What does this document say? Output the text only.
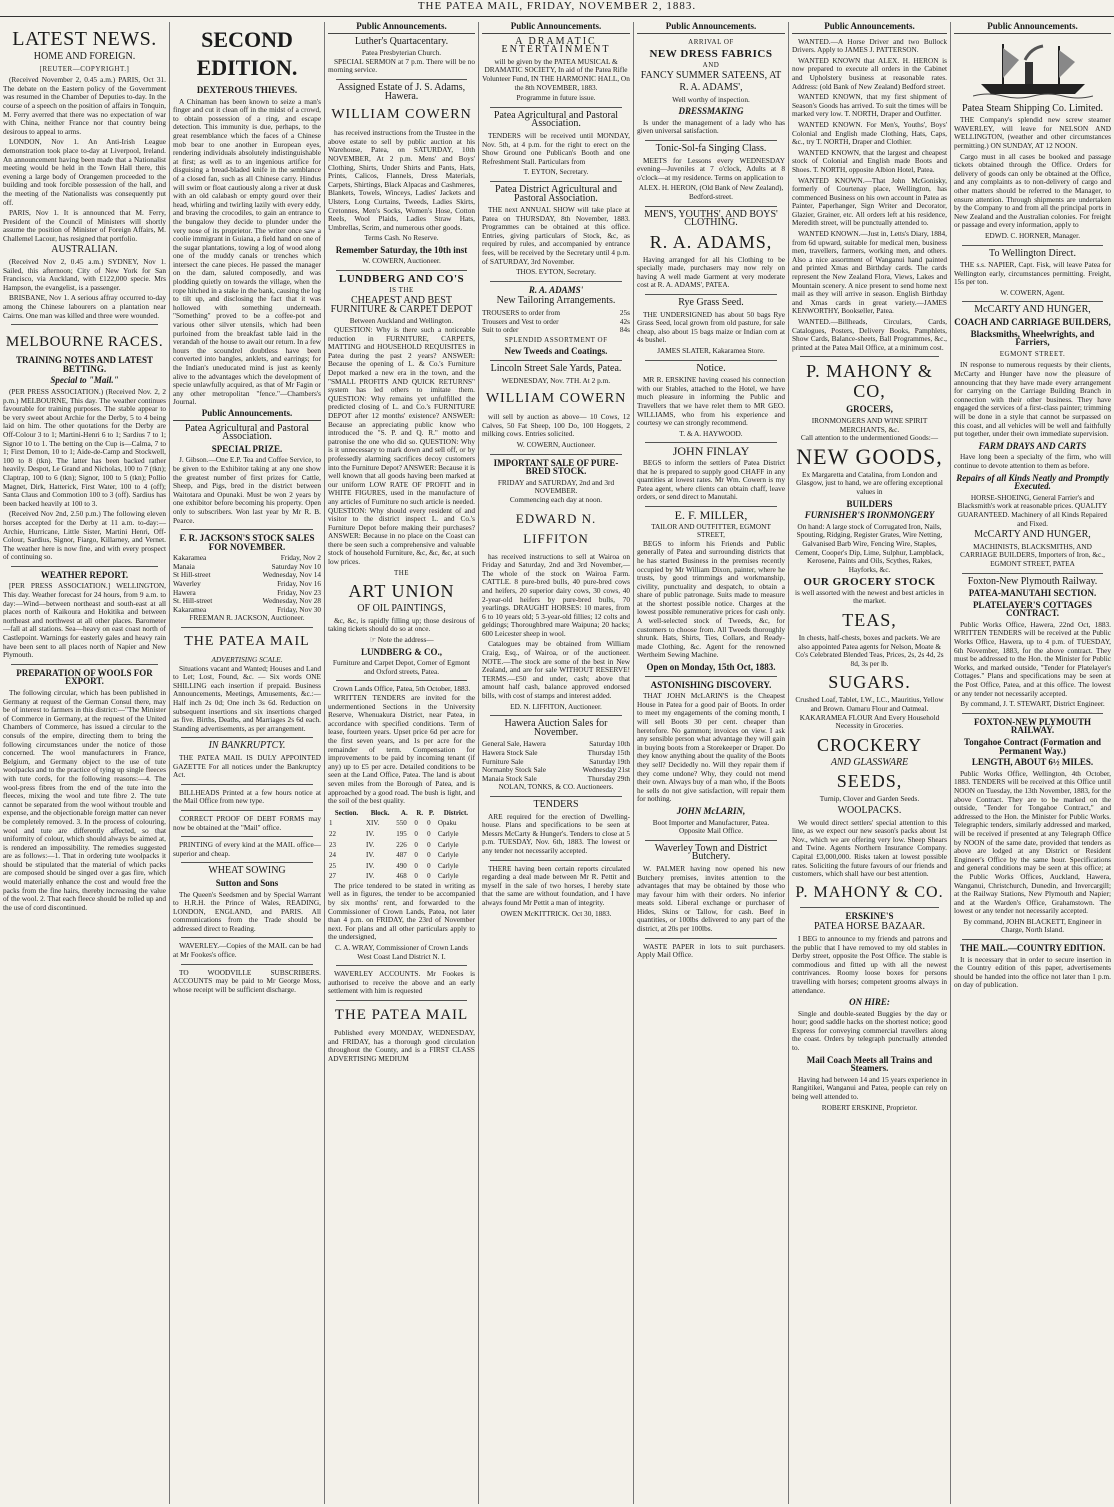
THE PATEA MAIL, FRIDAY, NOVEMBER 2, 1883.
LATEST NEWS.
HOME AND FOREIGN.
[REUTER—COPYRIGHT.]

(Received November 2, 0.45 a.m.) PARIS, Oct 31. The debate on the Eastern policy of the Government was resumed in the Chamber of Deputies to-day. In the course of a speech on the position of affairs in Tonquin, M. Ferry averred that there was no expectation of war with China, neither France nor that country being desirous to appeal to arms.

LONDON, Nov 1. An Anti-Irish League demonstration took place to-day at Liverpool, Ireland. An announcement having been made that a Nationalist meeting would be held in the Town Hall there, this evening a large body of Orangemen proceeded to the building and took forcible possession of the hall, and the meeting of the Nationalists was consequently put off.

PARIS, Nov 1. It is announced that M. Ferry, President of the Council of Ministers will shortly assume the position of Minister of Foreign Affairs, M. Challemel Lacour, has resigned that portfolio.

AUSTRALIAN.

(Received Nov 2, 0.45 a.m.) SYDNEY, Nov 1. Sailed, this afternoon; City of New York for San Francisco, via Auckland, with £122,000 specie. Mrs Hampson, the evangelist, is a passenger.

BRISBANE, Nov 1. A serious affray occurred to-day among the Chinese labourers on a plantation near Cairns. One man was killed and three were wounded.

MELBOURNE RACES.
TRAINING NOTES AND LATEST BETTING.
Special to "Mail."

(PER PRESS ASSOCIATION.) (Received Nov. 2, 2 p.m.) MELBOURNE, This day. The weather continues favourable for training purposes. The stable appear to be very sweet about Archie for the Derby, 5 to 4 being laid on him. The other quotations for the Derby are Off-Colour 3 to 1; Martini-Henri 6 to 1; Sardius 7 to 1; Signor 10 to 1. The betting on the Cup is—Calma, 7 to 1; First Demon, 10 to 1; Aide-de-Camp and Stockwell, 100 to 8 (tkn). The latter has been backed rather heavily. Despot, Le Grand and Nicholas, 100 to 7 (tkn); Claptrap, 100 to 6 (tkn); Signor, 100 to 5 (tkn); Pollio Magnet, Dirk, Hatterick, First Water, 100 to 4 (off); Santa Claus and Commotion 100 to 3 (off). Sardius has been backed heavily at 100 to 3.

(Received Nov 2nd, 2.50 p.m.) The following eleven horses accepted for the Derby at 11 a.m. to-day:—Archie, Hurricane, Little Sister, Martini Henri, Off-Colour, Sardius, Signor, Fiargo, Killarney, and Vernet. The weather here is now fine, and with every prospect of continuing so.

WEATHER REPORT.

[PER PRESS ASSOCIATION.] WELLINGTON, This day. Weather forecast for 24 hours, from 9 a.m. to day:—Wind—between northeast and south-east at all places north of Kaikoura and Hokitika and between northeast and northwest at all other places. Barometer—fall at all stations. Sea—heavy on east coast north of Castlepoint. Warnings for easterly gales and heavy rain have been sent to all places north of Napier and New Plymouth.

PREPARATION OF WOOLS FOR EXPORT.

The following circular, which has been published in Germany at request of the German Consul there, may be of interest to farmers in this district:—"The Minister of Commerce in Germany, at the request of the United Chambers of Commerce, has issued a circular to the consuls of the empire, directing them to bring the following circumstances under the notice of those concerned. The wool manufacturers in France, Belgium, and Germany object to the use of tute woolpacks and to the practice of tying up single fleeces with tute cords, for the following reasons:—4. The wool-press fibres from the end of the tute into the fleeces, mixing the wool and tute fibre 2. The tute cannot be separated from the wool without trouble and expense, and the objectionable foreign matter can never be completely removed. 3. In the process of colouring, wool and tute are differently affected, so that uniformity of colour, which should always be aimed at, is rendered an impossibility. The remedies suggested are as follows:—1. That in ordering tute woolpacks it should be stipulated that the material of which packs are composed should be singed over a gas fire, which would materially enhance the cost and would free the packs from the fine hairs, thereby increasing the value of the wool. 2. That each fleece should be rolled up and the use of cord discontinued.

SECOND EDITION.
DEXTEROUS THIEVES.

A Chinaman has been known to seize a man's finger and cut it clean off in the midst of a crowd, to obtain possession of a ring, and escape detection. This immunity is due, perhaps, to the great resemblance which the faces of a Chinese mob bear to one another in European eyes, rendering individuals absolutely indistinguishable at first; as well as to an ingenious artifice for disguising a bread-bladed knife in the semblance of a closed fan, such as all Chinese carry. Hindus will swim or float cautiously along a river at dusk with an old calabash or empty gourd over their head, whirling and twirling lazily with every eddy, and braving the crocodiles, to gain an entrance to the bungalow they decide to plunder under the very nose of its proprietor. The writer once saw a coolie immigrant in Guiana, a field hand on one of the sugar plantations, towing a log of wood along one of the muddy canals or trenches which intersect the cane pieces. He passed the manager on the dam, saluted composedly, and was plodding quietly on towards the village, when the rope hitched in a stake in the bank, causing the log to tilt up, and disclosing the fact that it was hollowed with something underneath. "Something" proved to be a coffee-pot and various other silver utensils, which had been purloined from the breakfast table laid in the verandah of the house to await our return. In a few hours the scoundrel doubtless have been converted into bangles, anklets, and earrings; for the Indian's uneducated mind is just as keenly alive to the advantages which the development of specie unlawfully acquired, as that of Mr Fagin or any other metropolitan "fence."—Chambers's Journal.

Public Announcements.
Patea Agricultural and Pastoral Association.
SPECIAL PRIZE.

J. Gibson.—One E.P. Tea and Coffee Service, to be given to the Exhibitor taking at any one show the greatest number of first prizes for Cattle, Sheep, and Pigs, bred in the district between Waitotara and Opunaki. Must be won 2 years by one exhibitor before becoming his property. Open only to subscribers. Won last year by Mr R. B. Pearce.

F. R. JACKSON'S STOCK SALES FOR NOVEMBER.
Kakaramea	Friday, Nov 2
Manaia	Saturday Nov 10
St Hill-street	Wednesday, Nov 14
Waverley	Friday, Nov 16
Hawera	Friday, Nov 23
St. Hill-street	Wednesday, Nov 28
Kakaramea	Friday, Nov 30
FREEMAN R. JACKSON, Auctioneer.
THE PATEA MAIL
ADVERTISING SCALE.

Situations vacant and Wanted; Houses and Land to Let; Lost, Found, &c. — Six words ONE SHILLING each insertion if prepaid. Business Announcements, Meetings, Amusements, &c.:— Half inch 2s 0d; One inch 3s 6d. Reduction on subsequent insertions and six insertions charged as five. Births, Deaths, and Marriages 2s 6d each. Standing advertisements, as per arrangement.

IN BANKRUPTCY.

THE PATEA MAIL IS DULY APPOINTED GAZETTE For all notices under the Bankruptcy Act.

BILLHEADS Printed at a few hours notice at the Mail Office from new type.

CORRECT PROOF OF DEBT FORMS may now be obtained at the "Mail" office.

PRINTING of every kind at the MAIL office—superior and cheap.

WHEAT SOWING
Sutton and Sons

The Queen's Seedsmen and by Special Warrant to H.R.H. the Prince of Wales, READING, LONDON, ENGLAND, and PARIS. All communications from the Trade should be addressed direct to Reading.

WAVERLEY.—Copies of the MAIL can be had at Mr Fookes's office.

TO WOODVILLE SUBSCRIBERS. ACCOUNTS may be paid to Mr George Moss, whose receipt will be sufficient discharge.

Public Announcements.
Luther's Quartacentary.
Patea Presbyterian Church.

SPECIAL SERMON at 7 p.m. There will be no morning service.

Assigned Estate of J. S. Adams, Hawera.
WILLIAM COWERN

has received instructions from the Trustee in the above estate to sell by public auction at his Warehouse, Patea, on SATURDAY, 10th NOVEMBER, At 2 p.m. Mens' and Boys' Clothing, Shirts, Under Shirts and Pants, Hats, Prints, Calicos, Flannels, Dress Materials, Carpets, Shirtings, Black Alpacas and Cashmeres, Blankets, Towels, Winceys, Ladies' Jackets and Ulsters, Long Curtains, Tweeds, Ladies Skirts, Cretonnes, Men's Socks, Women's Hose, Cotton Reels, Wool Plaids, Ladies Straw Hats, Umbrellas, Scrim, and numerous other goods.

Terms Cash. No Reserve.
Remember Saturday, the 10th inst
W. COWERN, Auctioneer.
LUNDBERG AND CO'S
IS THE
CHEAPEST AND BEST FURNITURE & CARPET DEPOT
Between Auckland and Wellington.

QUESTION: Why is there such a noticeable reduction in FURNITURE, CARPETS, MATTING and HOUSEHOLD REQUISITES in Patea during the past 2 years? ANSWER: Because the opening of L. & Co.'s Furniture Depot marked a new era in the town, and the "SMALL PROFITS AND QUICK RETURNS" system has led others to imitate them. QUESTION: Why remains yet unfulfilled the predicted closing of L. and Co.'s FURNITURE DEPOT after 12 months' existence? ANSWER: Because an appreciating public know who introduced the "S. P. and Q. R." motto and patronise the one who did so. QUESTION: Why is it unnecessary to mark down and sell off, or by professedly alarming sacrifices decoy customers into the Furniture Depot? ANSWER: Because it is well known that all goods having been marked at our uniform LOW RATE OF PROFIT and in WHITE FIGURES, used in the manufacture of any articles of Furniture no such article is needed. QUESTION: Why should every resident of and visitor to the district inspect L. and Co.'s Furniture Depot before making their purchases? ANSWER: Because in no place on the Coast can there be seen such a comprehensive and valuable stock of household Furniture, &c, &c, &c, at such low prices.

THE
ART UNION
OF OIL PAINTINGS,

&c, &c, is rapidly filling up; those desirous of taking tickets should do so at once.

☞ Note the address—
LUNDBERG & CO.,
Furniture and Carpet Depot, Corner of Egmont and Oxford streets, Patea.
Crown Lands Office, Patea, 5th October, 1883.

WRITTEN TENDERS are invited for the undermentioned Sections in the University Reserve, Whenuakura District, near Patea, in accordance with specified conditions. Term of lease, fourteen years. Upset price 6d per acre for the first seven years, and 1s per acre for the remainder of term. Compensation for improvements to be paid by incoming tenant (if any) up to £5 per acre. Detailed conditions to be seen at the Land Office, Patea. The land is about seven miles from the Borough of Patea, and is approached by a good road. The bush is light, and the soil of the best quality.

Section.	Block.	A.	R.	P.	District.
1	XIV.	550	0	0	Opaku
22	IV.	195	0	0	Carlyle
23	IV.	226	0	0	Carlyle
24	IV.	487	0	0	Carlyle
25	IV.	490	0	0	Carlyle
27	IV.	468	0	0	Carlyle

The price tendered to be stated in writing as well as in figures, the tender to be accompanied by six months' rent, and forwarded to the Commissioner of Crown Lands, Patea, not later than 4 p.m. on FRIDAY, the 23rd of November next. For plans and all other particulars apply to the undersigned,

C. A. WRAY, Commissioner of Crown Lands West Coast Land District N. I.

WAVERLEY ACCOUNTS. Mr Fookes is authorised to receive the above and an early settlement with him is requested

THE PATEA MAIL

Published every MONDAY, WEDNESDAY, and FRIDAY, has a thorough good circulation throughout the County, and is a FIRST CLASS ADVERTISING MEDIUM

Public Announcements.
A DRAMATIC ENTERTAINMENT

will be given by the PATEA MUSICAL & DRAMATIC SOCIETY, In aid of the Patea Rifle Volunteer Fund, IN THE HARMONIC HALL, On the 8th NOVEMBER, 1883.

Programme in future issue.
Patea Agricultural and Pastoral Association.

TENDERS will be received until MONDAY, Nov. 5th, at 4 p.m. for the right to erect on the Show Ground one Publican's Booth and one Refreshment Stall. Particulars from

T. EYTON, Secretary.
Patea District Agricultural and Pastoral Association.

THE next ANNUAL SHOW will take place at Patea on THURSDAY, 8th November, 1883. Programmes can be obtained at this office. Entries, giving particulars of Stock, &c, as required by rules, and accompanied by entrance fees, will be received by the Secretary until 4 p.m. of SATURDAY, 3rd November.

THOS. EYTON, Secretary.
R. A. ADAMS'
New Tailoring Arrangements.
TROUSERS to order from	25s
Trousers and Vest to order	42s
Suit to order	84s
SPLENDID ASSORTMENT OF
New Tweeds and Coatings.
Lincoln Street Sale Yards, Patea.
WEDNESDAY, Nov. 7TH. At 2 p.m.
WILLIAM COWERN

will sell by auction as above— 10 Cows, 12 Calves, 50 Fat Sheep, 100 Do, 100 Hoggets, 2 milking cows. Entries solicited.

W. COWERN, Auctioneer.
IMPORTANT SALE OF PURE-BRED STOCK.
FRIDAY and SATURDAY, 2nd and 3rd NOVEMBER.
Commencing each day at noon.
EDWARD N. LIFFITON

has received instructions to sell at Wairoa on Friday and Saturday, 2nd and 3rd November,— The whole of the stock on Wairoa Farm. CATTLE. 8 pure-bred bulls, 40 pure-bred cows and heifers, 20 superior dairy cows, 30 cows, 40 2-year-old heifers by pure-bred bulls, 70 yearlings. DRAUGHT HORSES: 10 mares, from 6 to 10 years old; 5 3-year-old fillies; 12 colts and geldings; Thoroughbred mare Waipuna; 20 hacks; 600 Leicester sheep in wool.

Catalogues may be obtained from William Craig, Esq., of Wairoa, or of the auctioneer. NOTE.—The stock are some of the best in New Zealand, and are for sale WITHOUT RESERVE! TERMS.—£50 and under, cash; above that amount half cash, balance approved endorsed bills, with cost of stamps and interest added.

ED. N. LIFFITON, Auctioneer.
Hawera Auction Sales for November.
General Sale, Hawera	Saturday 10th
Hawera Stock Sale	Thursday 15th
Furniture Sale	Saturday 19th
Normanby Stock Sale	Wednesday 21st
Manaia Stock Sale	Thursday 29th
NOLAN, TONKS, & CO. Auctioneers.
TENDERS

ARE required for the erection of Dwelling-house. Plans and specifications to be seen at Messrs McCarty & Hunger's. Tenders to close at 5 p.m. TUESDAY, Nov. 6th, 1883. The lowest or any tender not necessarily accepted.

THERE having been certain reports circulated regarding a deal made between Mr R. Pettit and myself in the sale of two horses, I hereby state that the same are without foundation, and I have always found Mr Pettit a man of integrity.

OWEN McKITTRICK. Oct 30, 1883.
Public Announcements.
ARRIVAL OF
NEW DRESS FABRICS
AND
FANCY SUMMER SATEENS, AT
R. A. ADAMS',
Well worthy of inspection.
DRESSMAKING

Is under the management of a lady who has given universal satisfaction.

Tonic-Sol-fa Singing Class.

MEETS for Lessons every WEDNESDAY evening—Juveniles at 7 o'clock, Adults at 8 o'clock—at my residence. Terms on application to

ALEX. H. HERON, (Old Bank of New Zealand), Bedford-street.
MEN'S, YOUTHS', AND BOYS' CLOTHING.
R. A. ADAMS,

Having arranged for all his Clothing to be specially made, purchasers may now rely on having A well made Garment at very moderate cost at R. A. ADAMS', PATEA.

Rye Grass Seed.

THE UNDERSIGNED has about 50 bags Rye Grass Seed, local grown from old pasture, for sale cheap, also about 15 bags maize or Indian corn at 4s bushel.

JAMES SLATER, Kakaramea Store.
Notice.

MR R. ERSKINE having ceased his connection with our Stables, attached to the Hotel, we have much pleasure in informing the Public and Travellers that we have relet them to MR GEO. WILLIAMS, who from his experience and courtesy we can strongly recommend.

T. & A. HAYWOOD.
JOHN FINLAY

BEGS to inform the settlers of Patea District that he is prepared to supply good CHAFF in any quantities at lowest rates. Mr Wm. Cowern is my Patea agent, where clients can obtain chaff, leave orders, or send direct to Manutahi.

E. F. MILLER,
TAILOR AND OUTFITTER, EGMONT STREET,

BEGS to inform his Friends and Public generally of Patea and surrounding districts that he has started Business in the premises recently occupied by Mr William Dixon, painter, where he trusts, by good trimmings and workmanship, civility, punctuality and despatch, to obtain a share of public patronage. Suits made to measure at the shortest possible notice. Charges at the lowest possible remunerative prices for cash only. A well-selected stock of Tweeds, &c, for customers to choose from. All Tweeds thoroughly shrunk. Hats, Shirts, Ties, Collars, and Ready-made Clothing, &c. Agent for the renowned Wertheim Sewing Machine.

Open on Monday, 15th Oct, 1883.
ASTONISHING DISCOVERY.

THAT JOHN McLARIN'S is the Cheapest House in Patea for a good pair of Boots. In order to meet my engagements of the coming month, I will sell Boots 30 per cent. cheaper than heretofore. No gammon; invoices on view. I ask any sensible person what advantage they will gain in buying boots from a Storekeeper or Draper. Do they know anything about the quality of the Boots they sell? Decidedly no. Will they repair them if they come undone? Why, they could not mend their own. Always buy of a man who, if the Boots he sells do not give satisfaction, will repair them for nothing.

JOHN McLARIN,
Boot Importer and Manufacturer, Patea.
Opposite Mail Office.
Waverley Town and District Butchery.

W. PALMER having now opened his new Butchery premises, invites attention to the advantages that may be obtained by those who may favour him with their orders. No inferior meats sold. Liberal exchange or purchaser of Hides, Skins or Tallow, for cash. Beef in quantities, or 100lbs delivered to any part of the district, at 20s per 100lbs.

WASTE PAPER in lots to suit purchasers. Apply Mail Office.

Public Announcements.

WANTED.—A Horse Driver and two Bullock Drivers. Apply to JAMES J. PATTERSON.

WANTED KNOWN that ALEX. H. HERON is now prepared to execute all orders in the Cabinet and Upholstery business at reasonable rates. Address: (old Bank of New Zealand) Bedford street.

WANTED KNOWN, that my first shipment of Season's Goods has arrived. To suit the times will be marked very low. T. NORTH, Draper and Outfitter.

WANTED KNOWN. For Men's, Youths', Boys' Colonial and English made Clothing, Hats, Caps, &c., try T. NORTH, Draper and Clothier.

WANTED KNOWN, that the largest and cheapest stock of Colonial and English made Boots and Shoes. T. NORTH, opposite Albion Hotel, Patea.

WANTED KNOWN.—That John McGonisky, formerly of Courtenay place, Wellington, has commenced Business on his own account in Patea as Painter, Paperhanger, Sign Writer and Decorator, Glazier, Grainer, etc. All orders left at his residence, Meredith street, will be punctually attended to.

WANTED KNOWN.—Just in, Letts's Diary, 1884, from 6d upward, suitable for medical men, business men, travellers, farmers, working men, and others. Also a nice assortment of Wanganui hand painted and printed Xmas and Birthday cards. The cards represent the New Zealand Flora, Views, Lakes and Mountain scenery. A nice present to send home next mail as they will arrive in season. English Birthday and Xmas cards in great variety.—JAMES KENWORTHY, Bookseller, Patea.

WANTED.—Billheads, Circulars, Cards, Catalogues, Posters, Delivery Books, Pamphlets, Show Cards, Balance-sheets, Ball Programmes, &c., printed at the Patea Mail Office, at a minimum cost.

P. MAHONY & CO,
GROCERS,
IRONMONGERS AND WINE SPIRIT MERCHANTS, &c.
Call attention to the undermentioned Goods:—
NEW GOODS,

Ex Margaretta and Catalina, from London and Glasgow, just to hand, we are offering exceptional values in

BUILDERS
FURNISHER'S IRONMONGERY

On hand: A large stock of Corrugated Iron, Nails, Spouting, Ridging, Register Grates, Wire Netting, Galvanised Barb Wire, Fencing Wire, Staples, Cement, Cooper's Dip, Lime, Sulphur, Lampblack, Kerosene, Paints and Oils, Scythes, Rakes, Hayforks, &c.

OUR GROCERY STOCK

is well assorted with the newest and best articles in the market.

TEAS,

In chests, half-chests, boxes and packets. We are also appointed Patea agents for Nelson, Moate & Co's Celebrated Blended Teas, Prices, 2s, 2s 4d, 2s 8d, 3s per lb.

SUGARS.

Crushed Loaf, Tablet, I.W., I.C., Mauritius, Yellow and Brown. Oamaru Flour and Oatmeal. KAKARAMEA FLOUR And Every Household Necessity in Groceries.

CROCKERY
AND GLASSWARE
SEEDS,
Turnip, Clover and Garden Seeds.
WOOLPACKS.

We would direct settlers' special attention to this line, as we expect our new season's packs about 1st Nov., which we are offering very low. Sheep Shears and Twine. Agents Northern Insurance Company. Capital £3,000,000. Risks taken at lowest possible rates. Soliciting the future favours of our friends and customers, which shall have our best attention.

P. MAHONY & CO.
ERSKINE'S
PATEA HORSE BAZAAR.

I BEG to announce to my friends and patrons and the public that I have removed to my old stables in Derby street, opposite the Post Office. The stable is commodious and fitted up with all the newest contrivances. Roomy loose boxes for persons travelling with horses; competent grooms always in attendance.

ON HIRE:

Single and double-seated Buggies by the day or hour; good saddle hacks on the shortest notice; good Express for conveying commercial travellers along the coast. Orders by telegraph punctually attended to.

Mail Coach Meets all Trains and Steamers.

Having had between 14 and 15 years experience in Rangitikei, Wanganui and Patea, people can rely on being well attended to.

ROBERT ERSKINE, Proprietor.
Public Announcements.
Patea Steam Shipping Co. Limited.

THE Company's splendid new screw steamer WAVERLEY, will leave for NELSON AND WELLINGTON, (weather and other circumstances permitting.) ON SUNDAY, AT 12 NOON.

Cargo must in all cases be booked and passage tickets obtained through the Office. Orders for delivery of goods can only be obtained at the Office, and any complaints as to non-delivery of cargo and other matters should be referred to the Manager, to ensure attention. Through shipments are undertaken by the Company to and from all the principal ports in New Zealand and the Australian colonies. For freight or passage and every information, apply to

EDWD. C. HORNER, Manager.
To Wellington Direct.

THE s.s. NAPIER, Capt. Fisk, will leave Patea for Wellington early, circumstances permitting. Freight, 15s per ton.

W. COWERN, Agent.
McCARTY AND HUNGER,
COACH AND CARRIAGE BUILDERS,
Blacksmiths, Wheelwrights, and Farriers,
EGMONT STREET.

IN response to numerous requests by their clients, McCarty and Hunger have now the pleasure of announcing that they have made every arrangement for carrying on the Carriage Building Branch in connection with their other business. They have engaged the services of a first-class painter; trimming will be done in a style that cannot be surpassed on this coast, and all vehicles will be well and faithfully put together, under their own immediate supervision.

FARM DRAYS AND CARTS

Have long been a specialty of the firm, who will continue to devote attention to them as before.

Repairs of all Kinds Neatly and Promptly Executed.

HORSE-SHOEING, General Farrier's and Blacksmith's work at reasonable prices. QUALITY GUARANTEED. Machinery of all Kinds Repaired and Fixed.

McCARTY AND HUNGER,
MACHINISTS, BLACKSMITHS, AND CARRIAGE BUILDERS, Importers of Iron, &c., EGMONT STREET, PATEA
Foxton-New Plymouth Railway.
PATEA-MANUTAHI SECTION.
PLATELAYER'S COTTAGES CONTRACT.

Public Works Office, Hawera, 22nd Oct, 1883. WRITTEN TENDERS will be received at the Public Works Office, Hawera, up to 4 p.m. of TUESDAY, 6th November, 1883, for the above contract. They must be addressed to the Hon. the Minister for Public Works, and marked outside, "Tender for Platelayer's Cottages." Plans and specifications may be seen at the Post Office, Patea, and at this office. The lowest or any tender not necessarily accepted.

By command, J. T. STEWART, District Engineer.
FOXTON-NEW PLYMOUTH RAILWAY.
Tongahoe Contract (Formation and Permanent Way.)
LENGTH, ABOUT 6½ MILES.

Public Works Office, Wellington, 4th October, 1883. TENDERS will be received at this Office until NOON on Tuesday, the 13th November, 1883, for the above Contract. They are to be marked on the outside, "Tender for Tongahoe Contract," and addressed to the Hon. the Minister for Public Works. Telegraphic tenders, similarly addressed and marked, will be received if presented at any Telegraph Office by NOON of the same date, provided that tenders as above are lodged at any District or Resident Engineer's Office by the same hour. Specifications and general conditions may be seen at this office; at the Public Works Offices, Auckland, Hawera, Wanganui, Christchurch, Dunedin, and Invercargill; at the Railway Stations, New Plymouth and Napier; and at the Warden's Office, Grahamstown. The lowest or any tender not necessarily accepted.

By command, JOHN BLACKETT, Engineer in Charge, North Island.
THE MAIL.—COUNTRY EDITION.

It is necessary that in order to secure insertion in the Country edition of this paper, advertisements should be handed into the office not later than 1 p.m. on day of publication.
